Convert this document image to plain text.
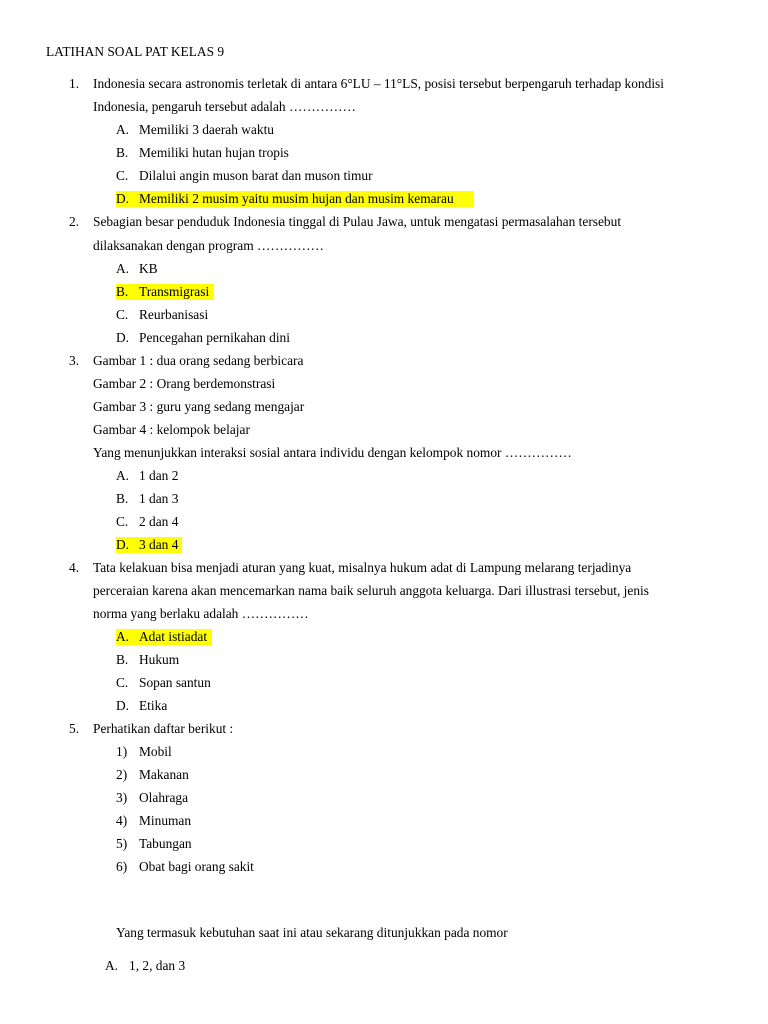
LATIHAN SOAL PAT KELAS 9
1. Indonesia secara astronomis terletak di antara 6°LU – 11°LS, posisi tersebut berpengaruh terhadap kondisi
Indonesia, pengaruh tersebut adalah ……………
A. Memiliki 3 daerah waktu
B. Memiliki hutan hujan tropis
C. Dilalui angin muson barat dan muson timur
D. Memiliki 2 musim yaitu musim hujan dan musim kemarau
2. Sebagian besar penduduk Indonesia tinggal di Pulau Jawa, untuk mengatasi permasalahan tersebut
dilaksanakan dengan program ……………
A. KB
B. Transmigrasi
C. Reurbanisasi
D. Pencegahan pernikahan dini
3. Gambar 1 : dua orang sedang berbicara
Gambar 2 : Orang berdemonstrasi
Gambar 3 : guru yang sedang mengajar
Gambar 4 : kelompok belajar
Yang menunjukkan interaksi sosial antara individu dengan kelompok nomor ……………
A. 1 dan 2
B. 1 dan 3
C. 2 dan 4
D. 3 dan 4
4. Tata kelakuan bisa menjadi aturan yang kuat, misalnya hukum adat di Lampung melarang terjadinya
perceraian karena akan mencemarkan nama baik seluruh anggota keluarga. Dari illustrasi tersebut, jenis
norma yang berlaku adalah ……………
A. Adat istiadat
B. Hukum
C. Sopan santun
D. Etika
5. Perhatikan daftar berikut :
1) Mobil
2) Makanan
3) Olahraga
4) Minuman
5) Tabungan
6) Obat bagi orang sakit
Yang termasuk kebutuhan saat ini atau sekarang ditunjukkan pada nomor
A. 1, 2, dan 3
